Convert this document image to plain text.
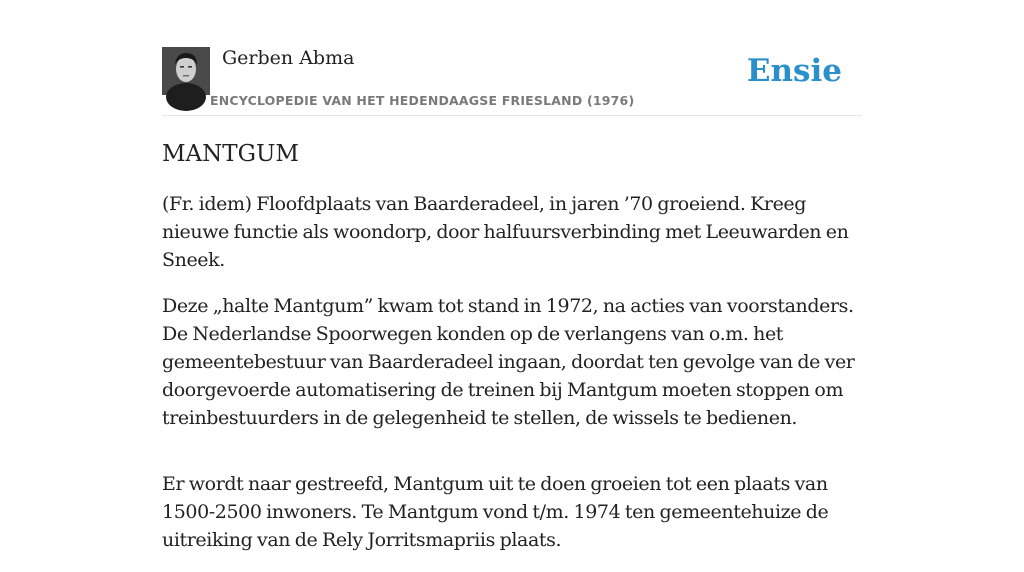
Gerben Abma
ENCYCLOPEDIE VAN HET HEDENDAAGSE FRIESLAND (1976)
Ensie
MANTGUM

(Fr. idem) Floofdplaats van Baarderadeel, in jaren ’70 groeiend. Kreeg nieuwe functie als woondorp, door halfuursverbinding met Leeuwarden en Sneek.

Deze „halte Mantgum” kwam tot stand in 1972, na acties van voorstanders. De Nederlandse Spoorwegen konden op de verlangens van o.m. het gemeentebestuur van Baarderadeel ingaan, doordat ten gevolge van de ver doorgevoerde automatisering de treinen bij Mantgum moeten stoppen om treinbestuurders in de gelegenheid te stellen, de wissels te bedienen.

Er wordt naar gestreefd, Mantgum uit te doen groeien tot een plaats van 1500-2500 inwoners. Te Mantgum vond t/m. 1974 ten gemeentehuize de uitreiking van de Rely Jorritsmapriis plaats.
